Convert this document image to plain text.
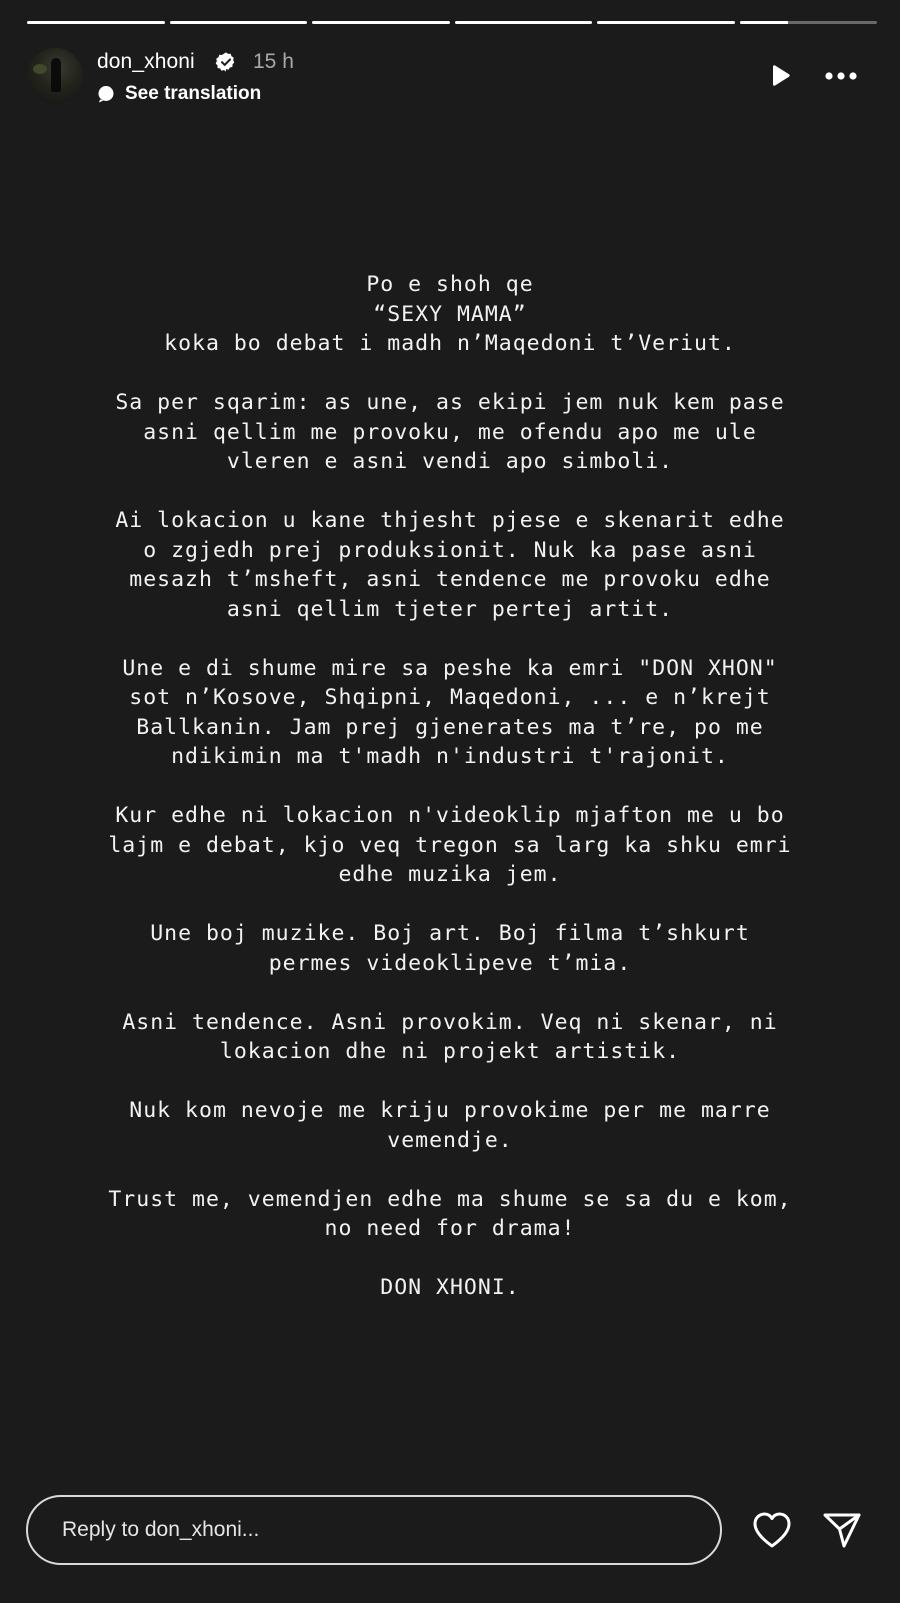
don_xhoni	15 h
See translation
Po e shoh qe
“SEXY MAMA”
koka bo debat i madh n’Maqedoni t’Veriut.
Sa per sqarim: as une, as ekipi jem nuk kem pase
asni qellim me provoku, me ofendu apo me ule
vleren e asni vendi apo simboli.
Ai lokacion u kane thjesht pjese e skenarit edhe
o zgjedh prej produksionit. Nuk ka pase asni
mesazh t’msheft, asni tendence me provoku edhe
asni qellim tjeter pertej artit.
Une e di shume mire sa peshe ka emri "DON XHON"
sot n’Kosove, Shqipni, Maqedoni, ... e n’krejt
Ballkanin. Jam prej gjenerates ma t’re, po me
ndikimin ma t'madh n'industri t'rajonit.
Kur edhe ni lokacion n'videoklip mjafton me u bo
lajm e debat, kjo veq tregon sa larg ka shku emri
edhe muzika jem.
Une boj muzike. Boj art. Boj filma t’shkurt
permes videoklipeve t’mia.
Asni tendence. Asni provokim. Veq ni skenar, ni
lokacion dhe ni projekt artistik.
Nuk kom nevoje me kriju provokime per me marre
vemendje.
Trust me, vemendjen edhe ma shume se sa du e kom,
no need for drama!
DON XHONI.
Reply to don_xhoni...
